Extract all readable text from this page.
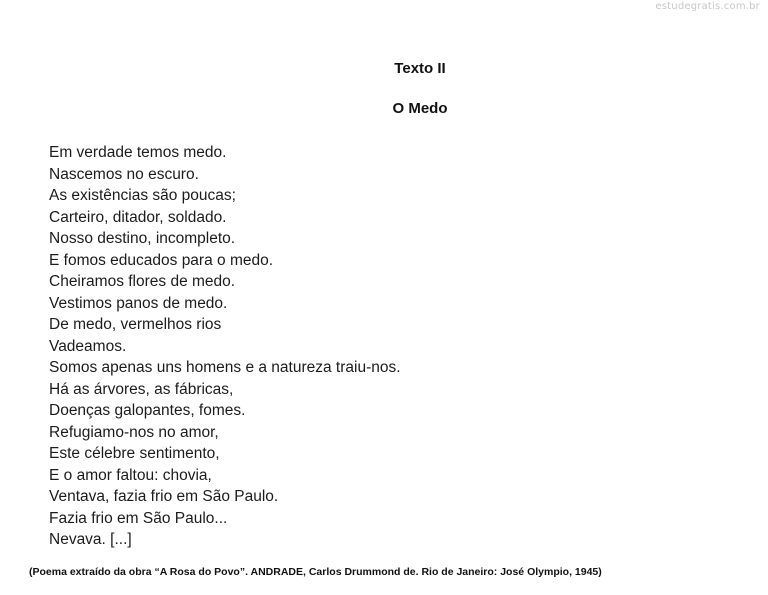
estudegratis.com.br
Texto II
O Medo
Em verdade temos medo.
Nascemos no escuro.
As existências são poucas;
Carteiro, ditador, soldado.
Nosso destino, incompleto.
E fomos educados para o medo.
Cheiramos flores de medo.
Vestimos panos de medo.
De medo, vermelhos rios
Vadeamos.
Somos apenas uns homens e a natureza traiu-nos.
Há as árvores, as fábricas,
Doenças galopantes, fomes.
Refugiamo-nos no amor,
Este célebre sentimento,
E o amor faltou: chovia,
Ventava, fazia frio em São Paulo.
Fazia frio em São Paulo...
Nevava. [...]
(Poema extraído da obra “A Rosa do Povo”. ANDRADE, Carlos Drummond de. Rio de Janeiro: José Olympio, 1945)
